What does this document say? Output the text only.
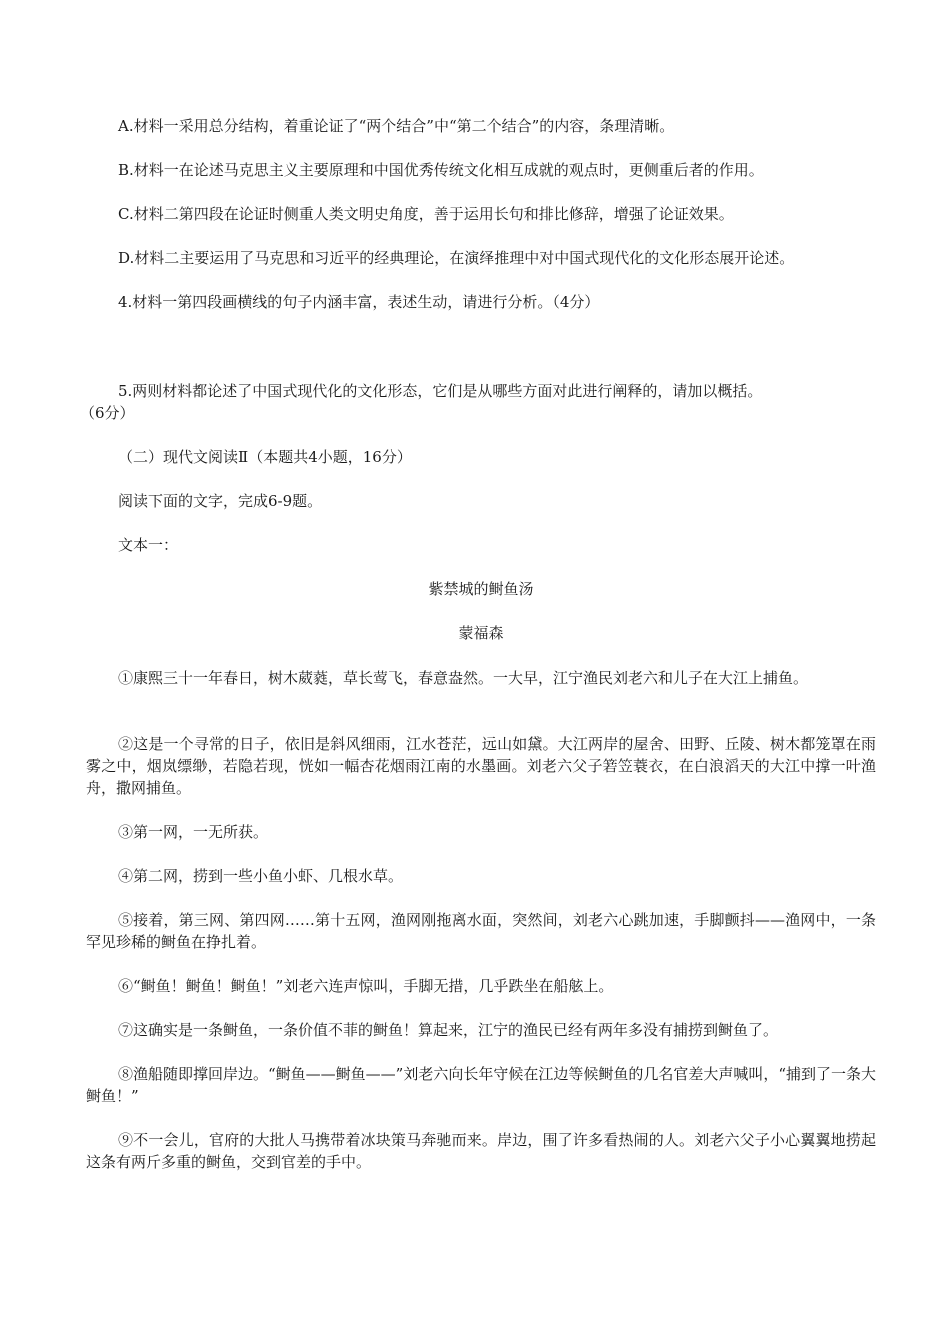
A.材料一采用总分结构，着重论证了“两个结合”中“第二个结合”的内容，条理清晰。
B.材料一在论述马克思主义主要原理和中国优秀传统文化相互成就的观点时，更侧重后者的作用。
C.材料二第四段在论证时侧重人类文明史角度，善于运用长句和排比修辞，增强了论证效果。
D.材料二主要运用了马克思和习近平的经典理论，在演绎推理中对中国式现代化的文化形态展开论述。
4.材料一第四段画横线的句子内涵丰富，表述生动，请进行分析。（4分）
5.两则材料都论述了中国式现代化的文化形态，它们是从哪些方面对此进行阐释的，请加以概括。
（6分）
（二）现代文阅读Ⅱ（本题共4小题，16分）
阅读下面的文字，完成6-9题。
文本一：
紫禁城的鲥鱼汤
蒙福森
①康熙三十一年春日，树木葳蕤，草长莺飞，春意盎然。一大早，江宁渔民刘老六和儿子在大江上捕鱼。
②这是一个寻常的日子，依旧是斜风细雨，江水苍茫，远山如黛。大江两岸的屋舍、田野、丘陵、树木都笼罩在雨雾之中，烟岚缥缈，若隐若现，恍如一幅杏花烟雨江南的水墨画。刘老六父子箬笠蓑衣，在白浪滔天的大江中撑一叶渔舟，撒网捕鱼。
③第一网，一无所获。
④第二网，捞到一些小鱼小虾、几根水草。
⑤接着，第三网、第四网……第十五网，渔网刚拖离水面，突然间，刘老六心跳加速，手脚颤抖——渔网中，一条罕见珍稀的鲥鱼在挣扎着。
⑥“鲥鱼！鲥鱼！鲥鱼！”刘老六连声惊叫，手脚无措，几乎跌坐在船舷上。
⑦这确实是一条鲥鱼，一条价值不菲的鲥鱼！算起来，江宁的渔民已经有两年多没有捕捞到鲥鱼了。
⑧渔船随即撑回岸边。“鲥鱼——鲥鱼——”刘老六向长年守候在江边等候鲥鱼的几名官差大声喊叫，“捕到了一条大鲥鱼！”
⑨不一会儿，官府的大批人马携带着冰块策马奔驰而来。岸边，围了许多看热闹的人。刘老六父子小心翼翼地捞起这条有两斤多重的鲥鱼，交到官差的手中。
